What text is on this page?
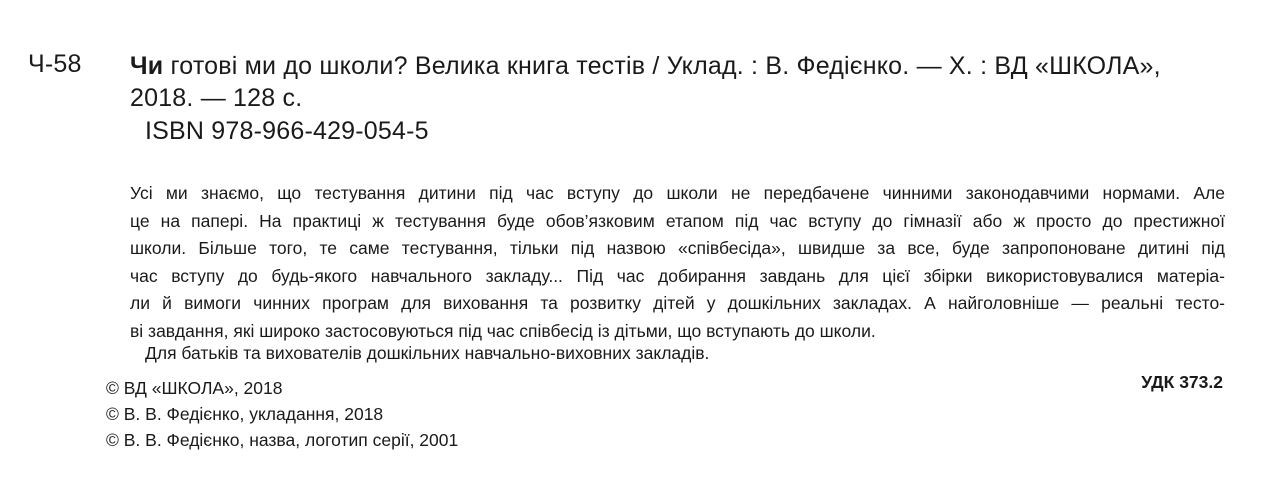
Ч-58 Чи готові ми до школи? Велика книга тестів / Уклад. : В. Федієнко. — Х. : ВД «ШКОЛА»,
2018. — 128 с.
ISBN 978-966-429-054-5
Усі ми знаємо, що тестування дитини під час вступу до школи не передбачене чинними законодавчими нормами. Але
це на папері. На практиці ж тестування буде обов’язковим етапом під час вступу до гімназії або ж просто до престижної
школи. Більше того, те саме тестування, тільки під назвою «співбесіда», швидше за все, буде запропоноване дитині під
час вступу до будь-якого навчального закладу... Під час добирання завдань для цієї збірки використовувалися матеріа-
ли й вимоги чинних програм для виховання та розвитку дітей у дошкільних закладах. А найголовніше — реальні тесто-
ві завдання, які широко застосовуються під час співбесід із дітьми, що вступають до школи.
Для батьків та вихователів дошкільних навчально-виховних закладів.
© ВД «ШКОЛА», 2018
© В. В. Федієнко, укладання, 2018
© В. В. Федієнко, назва, логотип серії, 2001
УДК 373.2
